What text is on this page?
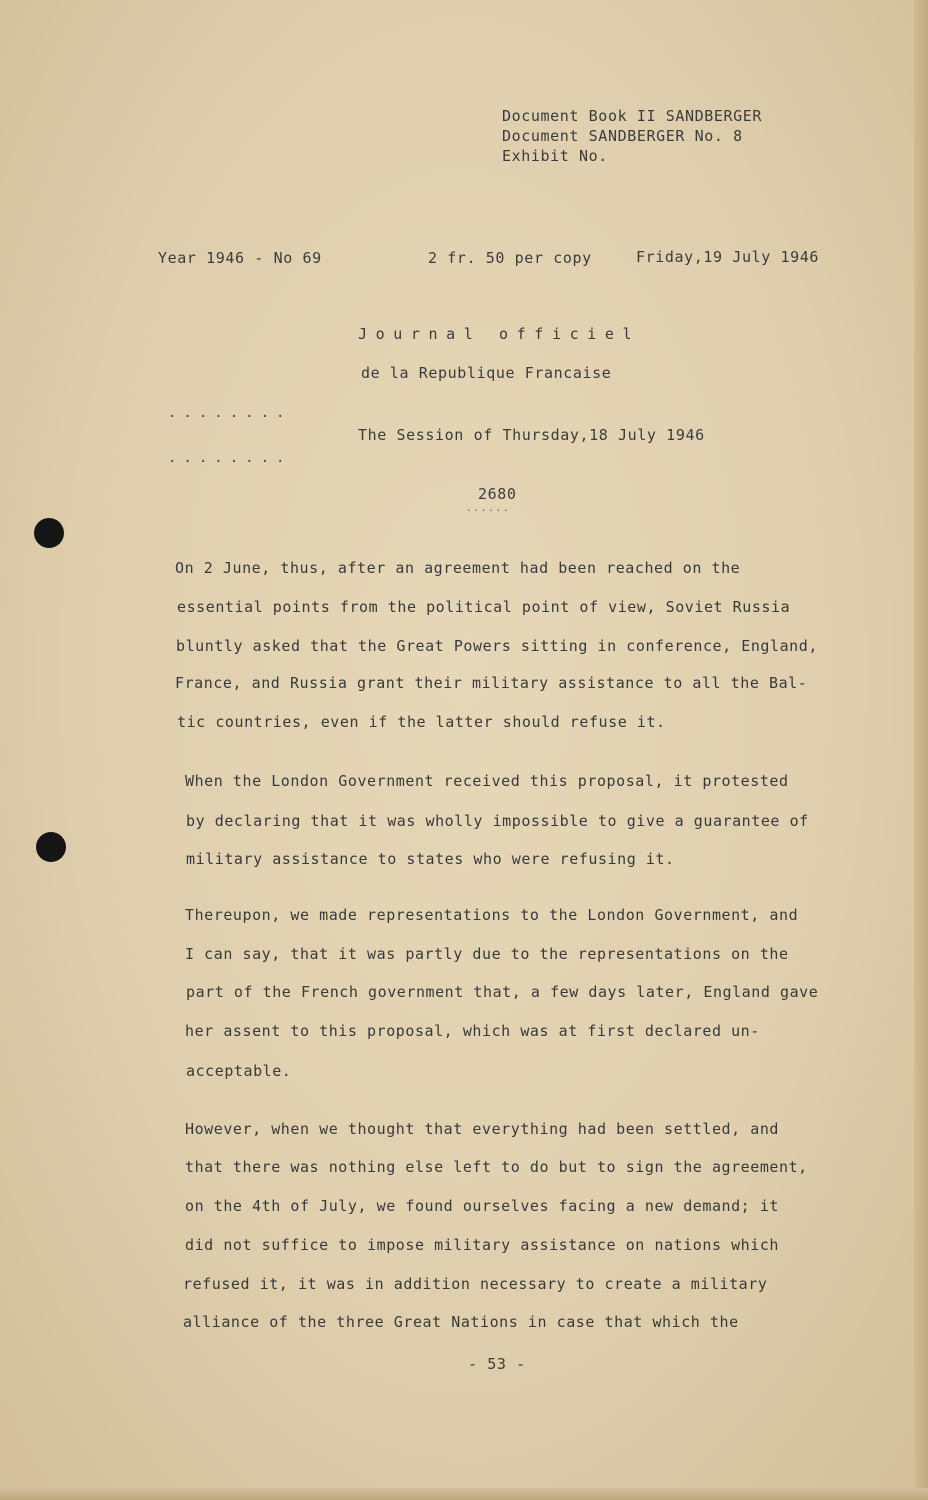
Document Book II SANDBERGER
Document SANDBERGER No. 8
Exhibit No.
Year 1946 - No 69	2 fr. 50 per copy	Friday,19 July 1946
Journal officiel
de la Republique Francaise
........
The Session of Thursday,18 July 1946
........
2680
......
On 2 June, thus, after an agreement had been reached on the
essential points from the political point of view, Soviet Russia
bluntly asked that the Great Powers sitting in conference, England,
France, and Russia grant their military assistance to all the Bal-
tic countries, even if the latter should refuse it.
When the London Government received this proposal, it protested
by declaring that it was wholly impossible to give a guarantee of
military assistance to states who were refusing it.
Thereupon, we made representations to the London Government, and
I can say, that it was partly due to the representations on the
part of the French government that, a few days later, England gave
her assent to this proposal, which was at first declared un-
acceptable.
However, when we thought that everything had been settled, and
that there was nothing else left to do but to sign the agreement,
on the 4th of July, we found ourselves facing a new demand; it
did not suffice to impose military assistance on nations which
refused it, it was in addition necessary to create a military
alliance of the three Great Nations in case that which the
- 53 -
